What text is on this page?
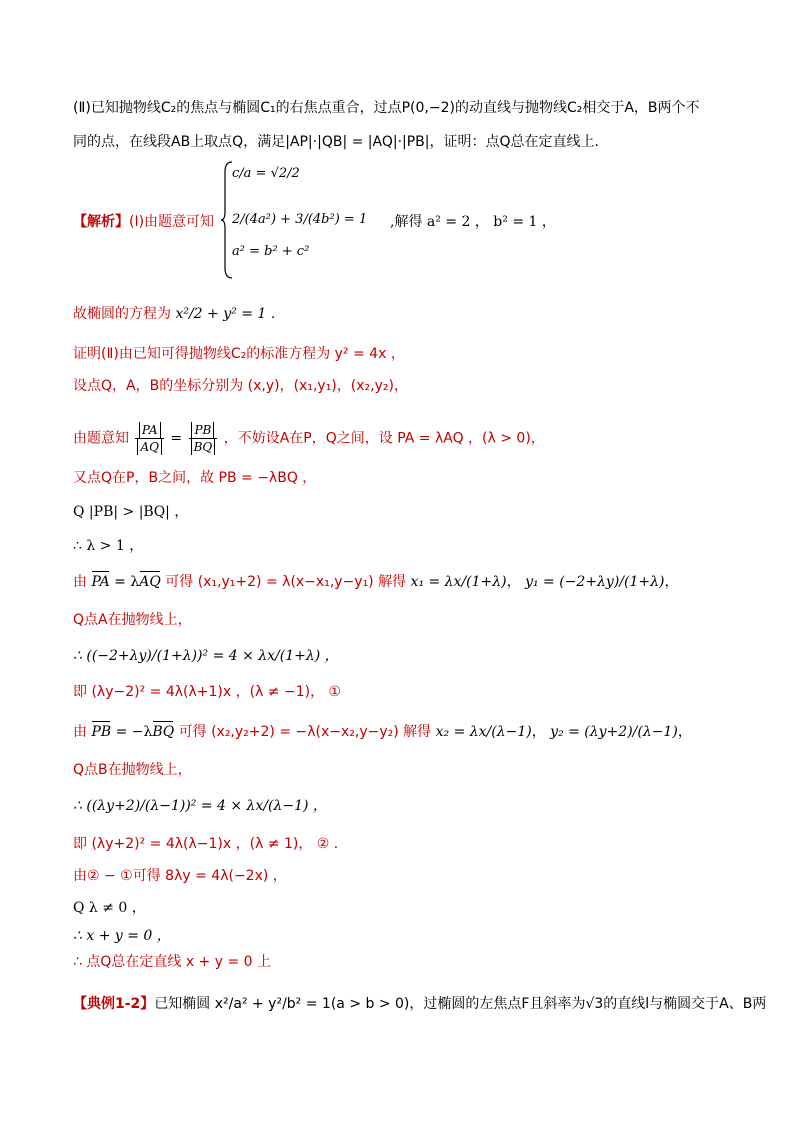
(Ⅱ)已知抛物线C₂的焦点与椭圆C₁的右焦点重合，过点P(0,−2)的动直线与抛物线C₂相交于A，B两个不
同的点，在线段AB上取点Q，满足|AP|·|QB| = |AQ|·|PB|，证明：点Q总在定直线上．
【解析】(Ⅰ)由题意可知
c/a = √2/2
2/(4a²) + 3/(4b²) = 1
a² = b² + c²
,解得 a² = 2 ， b² = 1 ，
故椭圆的方程为 x²/2 + y² = 1 ．
证明(Ⅱ)由已知可得抛物线C₂的标准方程为 y² = 4x ，
设点Q，A，B的坐标分别为 (x,y)，(x₁,y₁)，(x₂,y₂)，
由题意知 $\frac{PA}{AQ} = \frac{PB}{BQ}$ ，不妨设A在P，Q之间，设 PA = λAQ ，(λ > 0)，
又点Q在P，B之间，故 PB = −λBQ ，
Q |PB| > |BQ| ，
∴ λ > 1 ，
由 PA = λAQ 可得 (x₁,y₁+2) = λ(x−x₁,y−y₁) 解得 x₁ = λx/(1+λ)， y₁ = (−2+λy)/(1+λ)，
Q点A在抛物线上，
∴ ((−2+λy)/(1+λ))² = 4 × λx/(1+λ) ，
即 (λy−2)² = 4λ(λ+1)x ，(λ ≠ −1)， ①
由 PB = −λBQ 可得 (x₂,y₂+2) = −λ(x−x₂,y−y₂) 解得 x₂ = λx/(λ−1)， y₂ = (λy+2)/(λ−1)，
Q点B在抛物线上，
∴ ((λy+2)/(λ−1))² = 4 × λx/(λ−1) ，
即 (λy+2)² = 4λ(λ−1)x ，(λ ≠ 1)， ② ．
由② − ①可得 8λy = 4λ(−2x) ，
Q λ ≠ 0 ，
∴ x + y = 0 ，
∴ 点Q总在定直线 x + y = 0 上
【典例1-2】已知椭圆 x²/a² + y²/b² = 1(a > b > 0)，过椭圆的左焦点F且斜率为√3的直线l与椭圆交于A、B两
